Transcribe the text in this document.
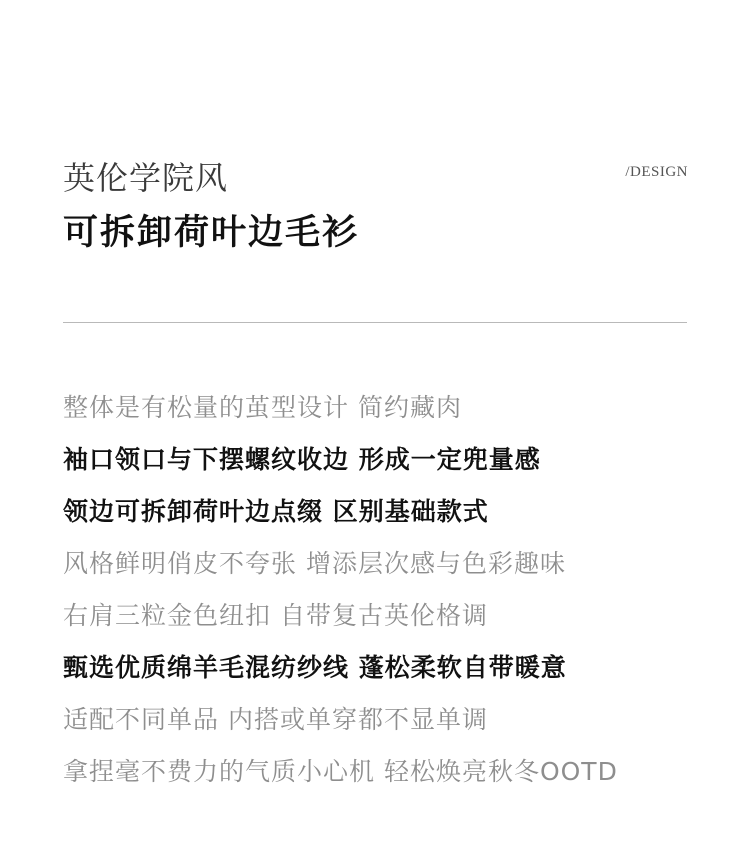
英伦学院风	/DESIGN
可拆卸荷叶边毛衫
整体是有松量的茧型设计 简约藏肉
袖口领口与下摆螺纹收边 形成一定兜量感
领边可拆卸荷叶边点缀 区别基础款式
风格鲜明俏皮不夸张 增添层次感与色彩趣味
右肩三粒金色纽扣 自带复古英伦格调
甄选优质绵羊毛混纺纱线 蓬松柔软自带暖意
适配不同单品 内搭或单穿都不显单调
拿捏毫不费力的气质小心机 轻松焕亮秋冬OOTD
